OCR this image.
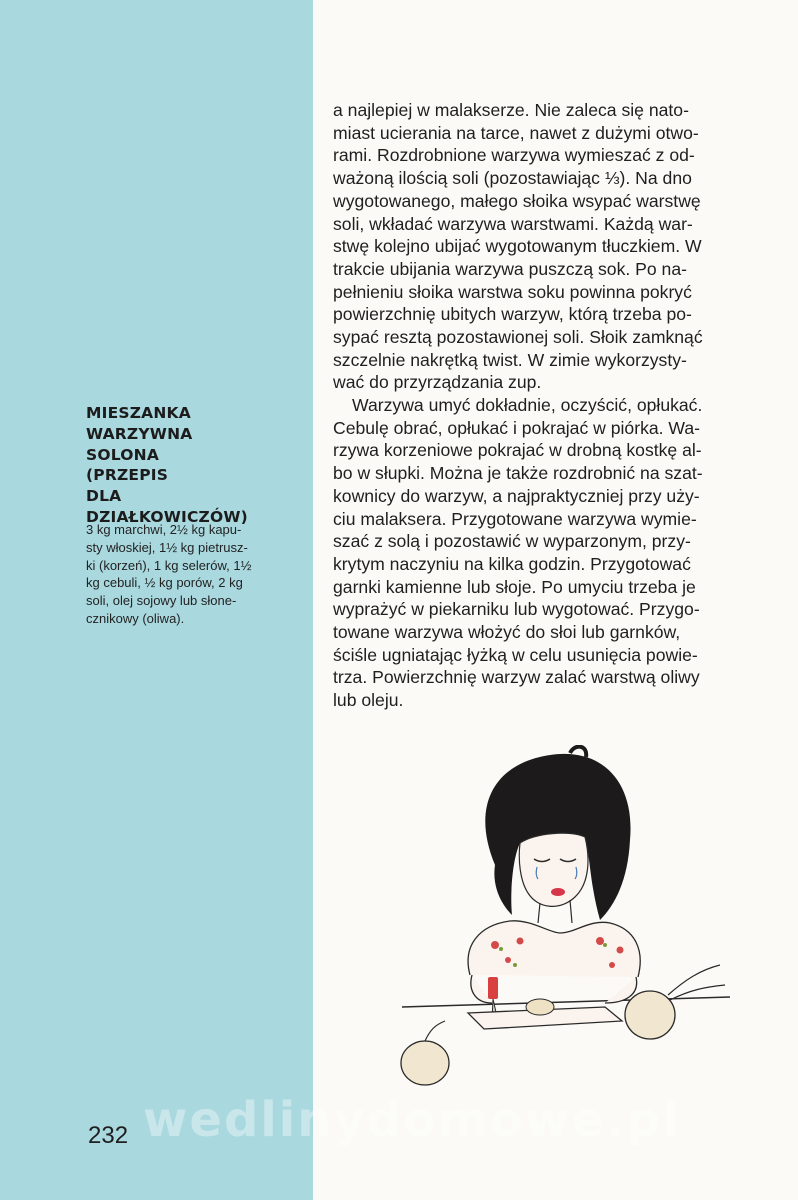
MIESZANKA
WARZYWNA
SOLONA
(PRZEPIS
DLA
DZIAŁKOWICZÓW)

3 kg marchwi, 2½ kg kapu-
sty włoskiej, 1½ kg pietrusz-
ki (korzeń), 1 kg selerów, 1½
kg cebuli, ½ kg porów, 2 kg
soli, olej sojowy lub słone-
cznikowy (oliwa).

232

a najlepiej w malakserze. Nie zaleca się nato-
miast ucierania na tarce, nawet z dużymi otwo-
rami. Rozdrobnione warzywa wymieszać z od-
ważoną ilością soli (pozostawiając ⅓). Na dno
wygotowanego, małego słoika wsypać warstwę
soli, wkładać warzywa warstwami. Każdą war-
stwę kolejno ubijać wygotowanym tłuczkiem. W
trakcie ubijania warzywa puszczą sok. Po na-
pełnieniu słoika warstwa soku powinna pokryć
powierzchnię ubitych warzyw, którą trzeba po-
sypać resztą pozostawionej soli. Słoik zamknąć
szczelnie nakrętką twist. W zimie wykorzysty-
wać do przyrządzania zup.

Warzywa umyć dokładnie, oczyścić, opłukać.
Cebulę obrać, opłukać i pokrajać w piórka. Wa-
rzywa korzeniowe pokrajać w drobną kostkę al-
bo w słupki. Można je także rozdrobnić na szat-
kownicy do warzyw, a najpraktyczniej przy uży-
ciu malaksera. Przygotowane warzywa wymie-
szać z solą i pozostawić w wyparzonym, przy-
krytym naczyniu na kilka godzin. Przygotować
garnki kamienne lub słoje. Po umyciu trzeba je
wyprażyć w piekarniku lub wygotować. Przygo-
towane warzywa włożyć do słoi lub garnków,
ściśle ugniatając łyżką w celu usunięcia powie-
trza. Powierzchnię warzyw zalać warstwą oliwy
lub oleju.

wedlinydomowe.pl
